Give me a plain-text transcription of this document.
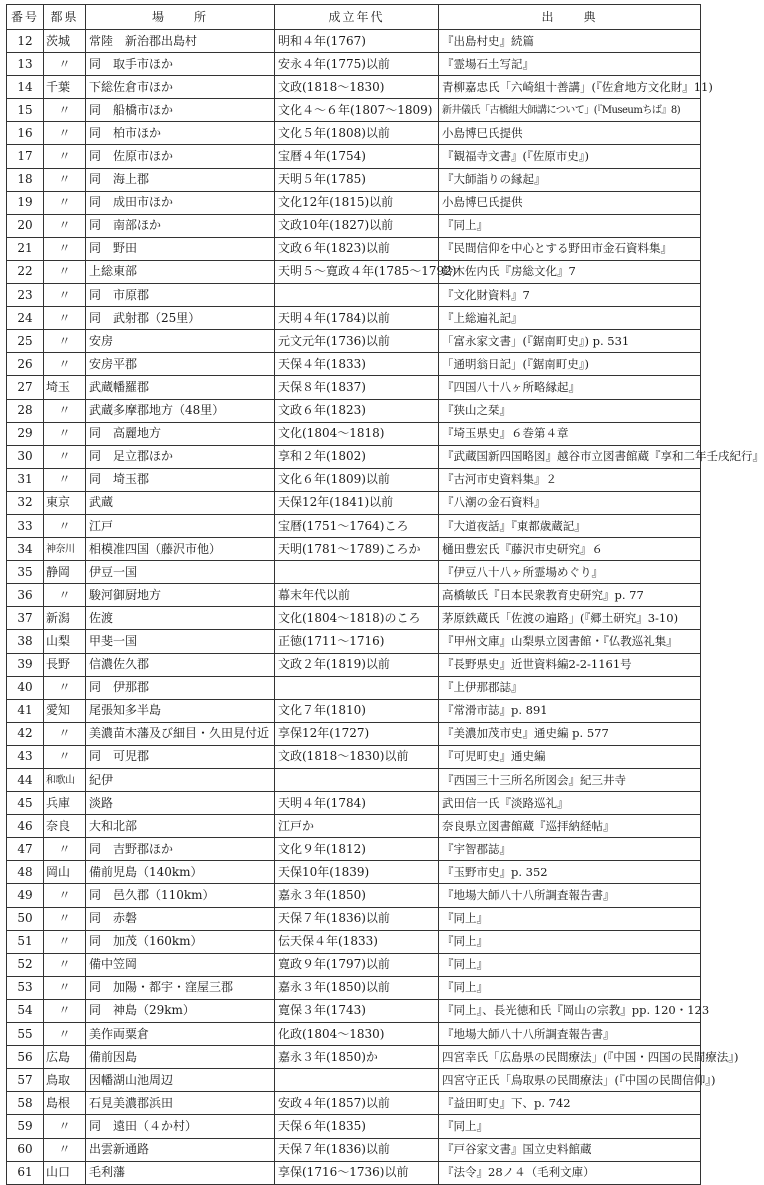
番号	都県	場　　所	成立年代	出　　典
12	茨城	常陸　新治郡出島村	明和４年(1767)	『出島村史』続篇
13	〃	同　取手市ほか	安永４年(1775)以前	『霊場石土写記』
14	千葉	下総佐倉市ほか	文政(1818～1830)	青柳嘉忠氏「六崎組十善講」(『佐倉地方文化財』11)
15	〃	同　船橋市ほか	文化４～６年(1807～1809)	新井儀氏「古橋組大師講について」(『Museumちば』8)
16	〃	同　柏市ほか	文化５年(1808)以前	小島博巳氏提供
17	〃	同　佐原市ほか	宝暦４年(1754)	『観福寺文書』(『佐原市史』)
18	〃	同　海上郡	天明５年(1785)	『大師詣りの縁起』
19	〃	同　成田市ほか	文化12年(1815)以前	小島博巳氏提供
20	〃	同　南部ほか	文政10年(1827)以前	『同上』
21	〃	同　野田	文政６年(1823)以前	『民間信仰を中心とする野田市金石資料集』
22	〃	上総東部	天明５～寛政４年(1785～1792)	鈴木佐内氏『房総文化』7
23	〃	同　市原郡		『文化財資料』7
24	〃	同　武射郡（25里）	天明４年(1784)以前	『上総遍礼記』
25	〃	安房	元文元年(1736)以前	「富永家文書」(『鋸南町史』) p. 531
26	〃	安房平郡	天保４年(1833)	「通明翁日記」(『鋸南町史』)
27	埼玉	武蔵幡羅郡	天保８年(1837)	『四国八十八ヶ所略縁起』
28	〃	武蔵多摩郡地方（48里）	文政６年(1823)	『狭山之栞』
29	〃	同　高麗地方	文化(1804～1818)	『埼玉県史』６巻第４章
30	〃	同　足立郡ほか	享和２年(1802)	『武蔵国新四国略図』越谷市立図書館蔵『享和二年壬戌紀行』
31	〃	同　埼玉郡	文化６年(1809)以前	『古河市史資料集』２
32	東京	武蔵	天保12年(1841)以前	『八潮の金石資料』
33	〃	江戸	宝暦(1751～1764)ころ	『大道夜話』『東都歳蔵記』
34	神奈川	相模准四国（藤沢市他）	天明(1781～1789)ころか	樋田豊宏氏『藤沢市史研究』６
35	静岡	伊豆一国		『伊豆八十八ヶ所霊場めぐり』
36	〃	駿河御厨地方	幕末年代以前	高橋敏氏『日本民衆教育史研究』p. 77
37	新潟	佐渡	文化(1804～1818)のころ	茅原鉄蔵氏「佐渡の遍路」(『郷土研究』3-10)
38	山梨	甲斐一国	正徳(1711～1716)	『甲州文庫』山梨県立図書館・『仏教巡礼集』
39	長野	信濃佐久郡	文政２年(1819)以前	『長野県史』近世資料編2-2-1161号
40	〃	同　伊那郡		『上伊那郡誌』
41	愛知	尾張知多半島	文化７年(1810)	『常滑市誌』p. 891
42	〃	美濃苗木藩及び細目・久田見付近	享保12年(1727)	『美濃加茂市史』通史編 p. 577
43	〃	同　可児郡	文政(1818～1830)以前	『可児町史』通史編
44	和歌山	紀伊		『西国三十三所名所図会』紀三井寺
45	兵庫	淡路	天明４年(1784)	武田信一氏『淡路巡礼』
46	奈良	大和北部	江戸か	奈良県立図書館蔵『巡拝納経帖』
47	〃	同　吉野郡ほか	文化９年(1812)	『宇智郡誌』
48	岡山	備前児島（140km）	天保10年(1839)	『玉野市史』p. 352
49	〃	同　邑久郡（110km）	嘉永３年(1850)	『地場大師八十八所調査報告書』
50	〃	同　赤磐	天保７年(1836)以前	『同上』
51	〃	同　加茂（160km）	伝天保４年(1833)	『同上』
52	〃	備中笠岡	寛政９年(1797)以前	『同上』
53	〃	同　加陽・都宇・窪屋三郡	嘉永３年(1850)以前	『同上』
54	〃	同　神島（29km）	寛保３年(1743)	『同上』、長光徳和氏『岡山の宗教』pp. 120・123
55	〃	美作両粟倉	化政(1804～1830)	『地場大師八十八所調査報告書』
56	広島	備前因島	嘉永３年(1850)か	四宮幸氏「広島県の民間療法」(『中国・四国の民間療法』)
57	鳥取	因幡湖山池周辺		四宮守正氏「鳥取県の民間療法」(『中国の民間信仰』)
58	島根	石見美濃郡浜田	安政４年(1857)以前	『益田町史』下、p. 742
59	〃	同　遠田（４か村）	天保６年(1835)	『同上』
60	〃	出雲新通路	天保７年(1836)以前	『戸谷家文書』国立史料館蔵
61	山口	毛利藩	享保(1716～1736)以前	『法令』28ノ４（毛利文庫）
